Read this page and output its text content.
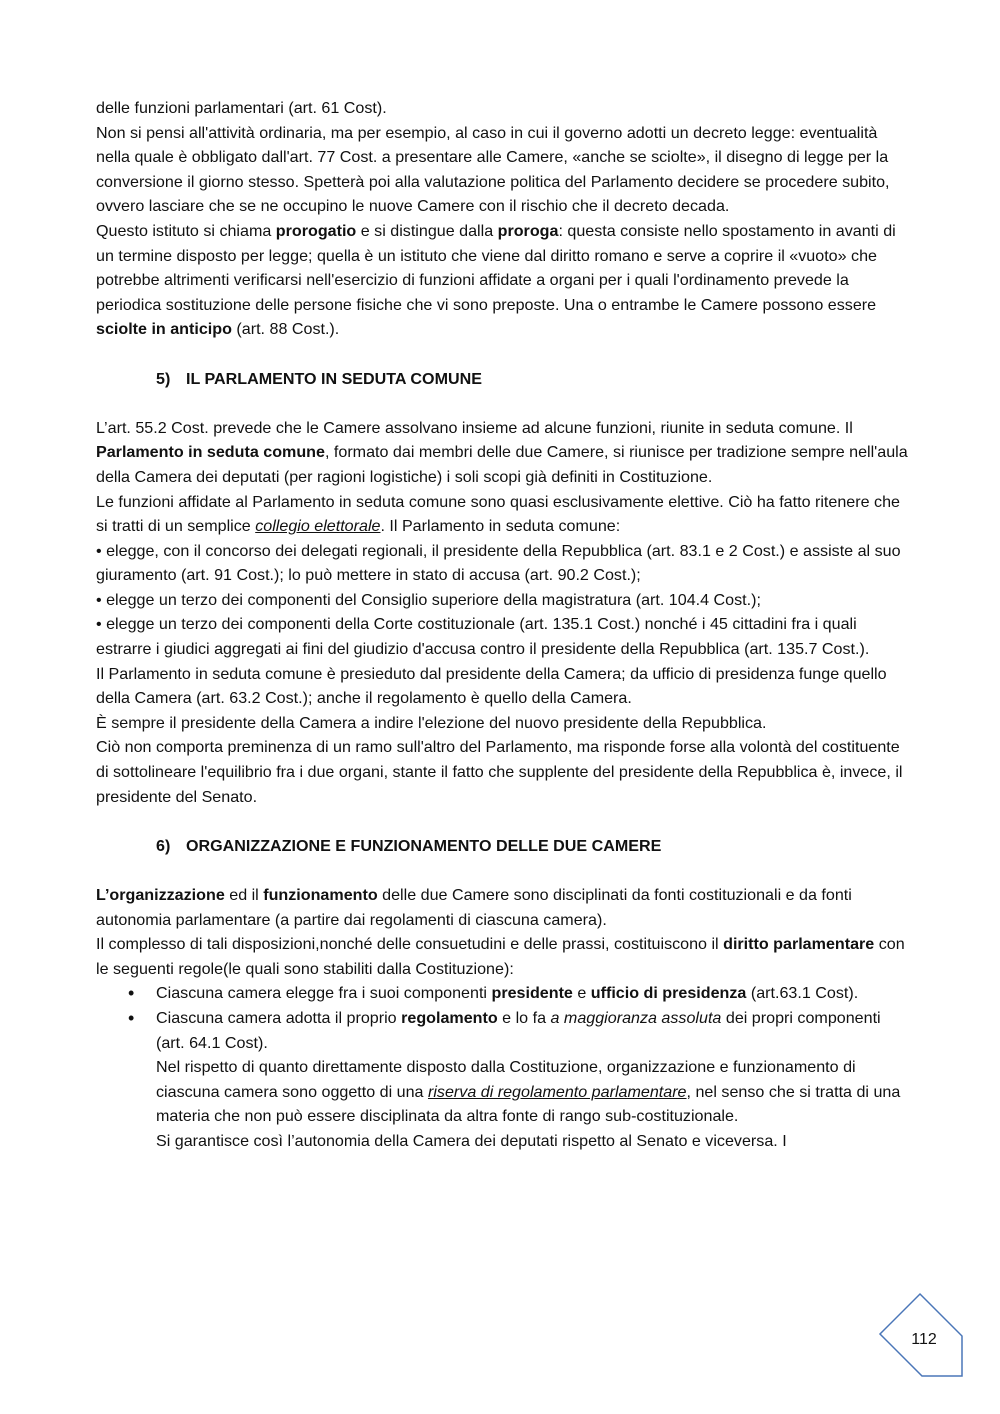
delle funzioni parlamentari (art. 61 Cost).

Non si pensi all'attività ordinaria, ma per esempio, al caso in cui il governo adotti un decreto legge: eventualità nella quale è obbligato dall'art. 77 Cost. a presentare alle Camere, «anche se sciolte», il disegno di legge per la conversione il giorno stesso. Spetterà poi alla valutazione politica del Parlamento decidere se procedere subito, ovvero lasciare che se ne occupino le nuove Camere con il rischio che il decreto decada.

Questo istituto si chiama prorogatio e si distingue dalla proroga: questa consiste nello spostamento in avanti di un termine disposto per legge; quella è un istituto che viene dal diritto romano e serve a coprire il «vuoto» che potrebbe altrimenti verificarsi nell'esercizio di funzioni affidate a organi per i quali l'ordinamento prevede la periodica sostituzione delle persone fisiche che vi sono preposte. Una o entrambe le Camere possono essere sciolte in anticipo (art. 88 Cost.).

5) IL PARLAMENTO IN SEDUTA COMUNE

L’art. 55.2 Cost. prevede che le Camere assolvano insieme ad alcune funzioni, riunite in seduta comune. Il Parlamento in seduta comune, formato dai membri delle due Camere, si riunisce per tradizione sempre nell'aula della Camera dei deputati (per ragioni logistiche) i soli scopi già definiti in Costituzione.

Le funzioni affidate al Parlamento in seduta comune sono quasi esclusivamente elettive. Ciò ha fatto ritenere che si tratti di un semplice collegio elettorale. Il Parlamento in seduta comune:

• elegge, con il concorso dei delegati regionali, il presidente della Repubblica (art. 83.1 e 2 Cost.) e assiste al suo giuramento (art. 91 Cost.); lo può mettere in stato di accusa (art. 90.2 Cost.);

• elegge un terzo dei componenti del Consiglio superiore della magistratura (art. 104.4 Cost.);

• elegge un terzo dei componenti della Corte costituzionale (art. 135.1 Cost.) nonché i 45 cittadini fra i quali estrarre i giudici aggregati ai fini del giudizio d'accusa contro il presidente della Repubblica (art. 135.7 Cost.).

Il Parlamento in seduta comune è presieduto dal presidente della Camera; da ufficio di presidenza funge quello della Camera (art. 63.2 Cost.); anche il regolamento è quello della Camera.

È sempre il presidente della Camera a indire l'elezione del nuovo presidente della Repubblica.

Ciò non comporta preminenza di un ramo sull'altro del Parlamento, ma risponde forse alla volontà del costituente di sottolineare l'equilibrio fra i due organi, stante il fatto che supplente del presidente della Repubblica è, invece, il presidente del Senato.

6) ORGANIZZAZIONE E FUNZIONAMENTO DELLE DUE CAMERE

L’organizzazione ed il funzionamento delle due Camere sono disciplinati da fonti costituzionali e da fonti autonomia parlamentare (a partire dai regolamenti di ciascuna camera).

Il complesso di tali disposizioni,nonché delle consuetudini e delle prassi, costituiscono il diritto parlamentare con le seguenti regole(le quali sono stabiliti dalla Costituzione):

• Ciascuna camera elegge fra i suoi componenti presidente e ufficio di presidenza (art.63.1 Cost).
• Ciascuna camera adotta il proprio regolamento e lo fa a maggioranza assoluta dei propri componenti (art. 64.1 Cost).
Nel rispetto di quanto direttamente disposto dalla Costituzione, organizzazione e funzionamento di ciascuna camera sono oggetto di una riserva di regolamento parlamentare, nel senso che si tratta di una materia che non può essere disciplinata da altra fonte di rango sub-costituzionale.
Si garantisce così l’autonomia della Camera dei deputati rispetto al Senato e viceversa. I
112
